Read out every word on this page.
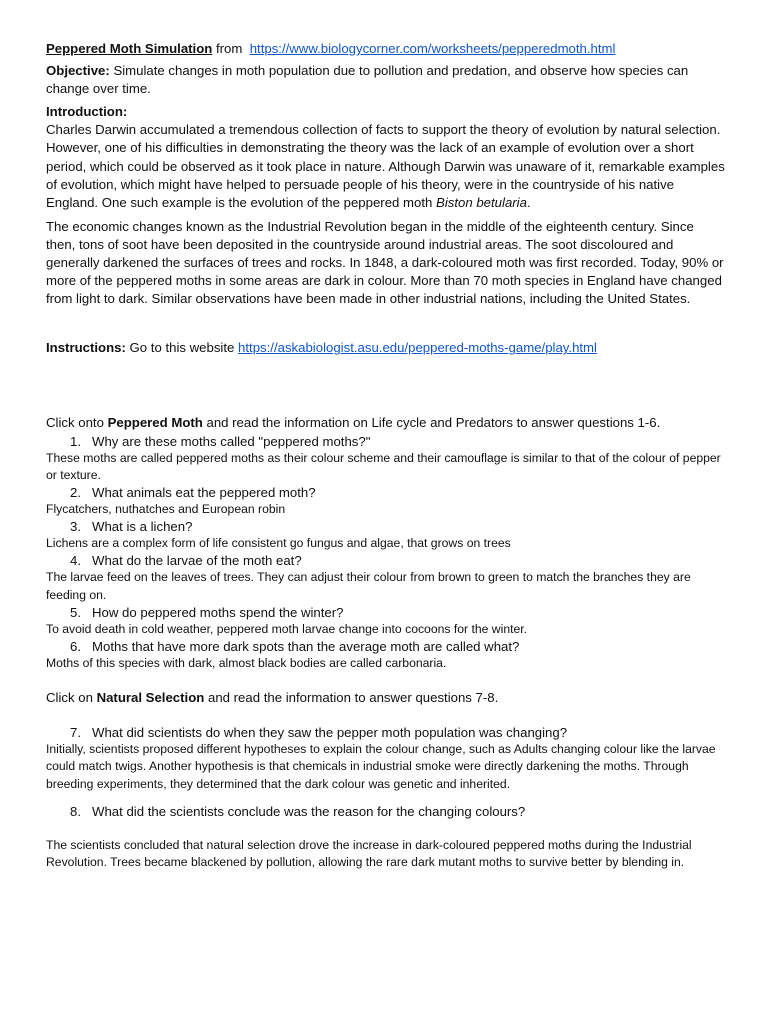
Peppered Moth Simulation from https://www.biologycorner.com/worksheets/pepperedmoth.html

Objective: Simulate changes in moth population due to pollution and predation, and observe how species can change over time.

Introduction:

Charles Darwin accumulated a tremendous collection of facts to support the theory of evolution by natural selection. However, one of his difficulties in demonstrating the theory was the lack of an example of evolution over a short period, which could be observed as it took place in nature. Although Darwin was unaware of it, remarkable examples of evolution, which might have helped to persuade people of his theory, were in the countryside of his native England. One such example is the evolution of the peppered moth Biston betularia.

The economic changes known as the Industrial Revolution began in the middle of the eighteenth century. Since then, tons of soot have been deposited in the countryside around industrial areas. The soot discoloured and generally darkened the surfaces of trees and rocks. In 1848, a dark-coloured moth was first recorded. Today, 90% or more of the peppered moths in some areas are dark in colour. More than 70 moth species in England have changed from light to dark. Similar observations have been made in other industrial nations, including the United States.

Instructions: Go to this website https://askabiologist.asu.edu/peppered-moths-game/play.html

Click onto Peppered Moth and read the information on Life cycle and Predators to answer questions 1-6.

1. Why are these moths called "peppered moths?"

These moths are called peppered moths as their colour scheme and their camouflage is similar to that of the colour of pepper or texture.

2. What animals eat the peppered moth?

Flycatchers, nuthatches and European robin

3. What is a lichen?

Lichens are a complex form of life consistent go fungus and algae, that grows on trees

4. What do the larvae of the moth eat?

The larvae feed on the leaves of trees. They can adjust their colour from brown to green to match the branches they are feeding on.

5. How do peppered moths spend the winter?

To avoid death in cold weather, peppered moth larvae change into cocoons for the winter.

6. Moths that have more dark spots than the average moth are called what?

Moths of this species with dark, almost black bodies are called carbonaria.

Click on Natural Selection and read the information to answer questions 7-8.

7. What did scientists do when they saw the pepper moth population was changing?

Initially, scientists proposed different hypotheses to explain the colour change, such as Adults changing colour like the larvae could match twigs. Another hypothesis is that chemicals in industrial smoke were directly darkening the moths. Through breeding experiments, they determined that the dark colour was genetic and inherited.

8. What did the scientists conclude was the reason for the changing colours?

The scientists concluded that natural selection drove the increase in dark-coloured peppered moths during the Industrial Revolution. Trees became blackened by pollution, allowing the rare dark mutant moths to survive better by blending in.
